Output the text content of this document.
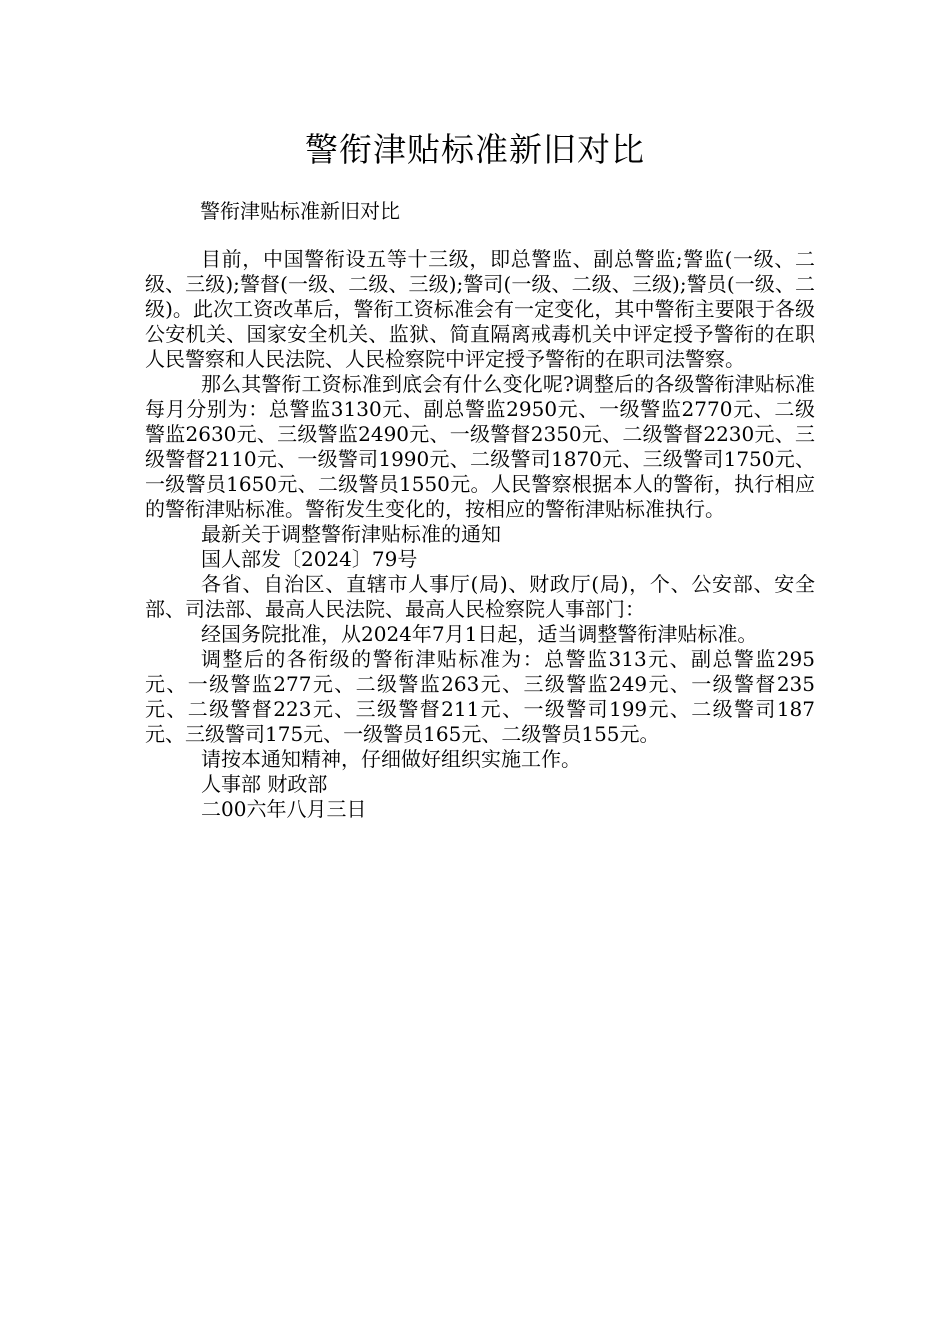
警衔津贴标准新旧对比

警衔津贴标准新旧对比

目前，中国警衔设五等十三级，即总警监、副总警监;警监(一级、二级、三级);警督(一级、二级、三级);警司(一级、二级、三级);警员(一级、二级)。此次工资改革后，警衔工资标准会有一定变化，其中警衔主要限于各级公安机关、国家安全机关、监狱、简直隔离戒毒机关中评定授予警衔的在职人民警察和人民法院、人民检察院中评定授予警衔的在职司法警察。

那么其警衔工资标准到底会有什么变化呢?调整后的各级警衔津贴标准每月分别为：总警监3130元、副总警监2950元、一级警监2770元、二级警监2630元、三级警监2490元、一级警督2350元、二级警督2230元、三级警督2110元、一级警司1990元、二级警司1870元、三级警司1750元、一级警员1650元、二级警员1550元。人民警察根据本人的警衔，执行相应的警衔津贴标准。警衔发生变化的，按相应的警衔津贴标准执行。

最新关于调整警衔津贴标准的通知

国人部发〔2024〕79号

各省、自治区、直辖市人事厅(局)、财政厅(局)，个、公安部、安全部、司法部、最高人民法院、最高人民检察院人事部门：

经国务院批准，从2024年7月1日起，适当调整警衔津贴标准。

调整后的各衔级的警衔津贴标准为：总警监313元、副总警监295元、一级警监277元、二级警监263元、三级警监249元、一级警督235元、二级警督223元、三级警督211元、一级警司199元、二级警司187元、三级警司175元、一级警员165元、二级警员155元。

请按本通知精神，仔细做好组织实施工作。

人事部 财政部

二00六年八月三日
